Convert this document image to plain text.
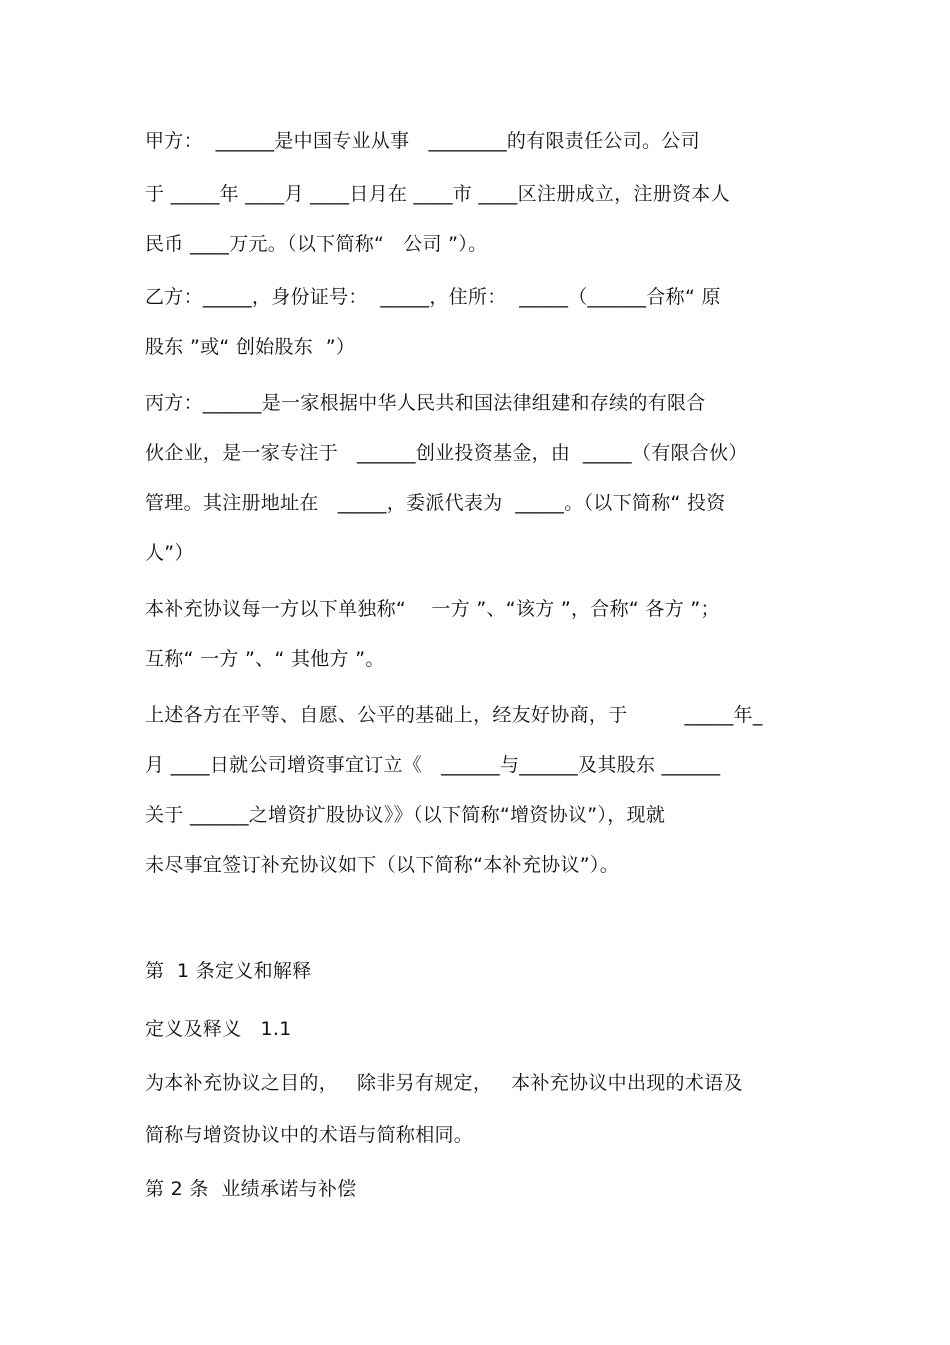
甲方：  ______是中国专业从事   ________的有限责任公司。公司
于 _____年 ____月 ____日月在 ____市 ____区注册成立，注册资本人
民币 ____万元。（以下简称“   公司 ”）。
乙方：_____，身份证号：  _____，住所：  _____（______合称“ 原
股东 ”或“ 创始股东  ”）
丙方：______是一家根据中华人民共和国法律组建和存续的有限合
伙企业，是一家专注于   ______创业投资基金，由  _____（有限合伙）
管理。其注册地址在   _____，委派代表为  _____。（以下简称“ 投资
人”）
本补充协议每一方以下单独称“    一方 ”、“该方 ”，合称“ 各方 ”；
互称“ 一方 ”、“ 其他方 ”。
上述各方在平等、自愿、公平的基础上，经友好协商，于         _____年_
月 ____日就公司增资事宜订立《   ______与______及其股东 ______
关于 ______之增资扩股协议》》（以下简称“增资协议”），现就
未尽事宜签订补充协议如下（以下简称“本补充协议”）。
第  1 条定义和解释
定义及释义   1.1
为本补充协议之目的，   除非另有规定，   本补充协议中出现的术语及
简称与增资协议中的术语与简称相同。
第 2 条  业绩承诺与补偿
